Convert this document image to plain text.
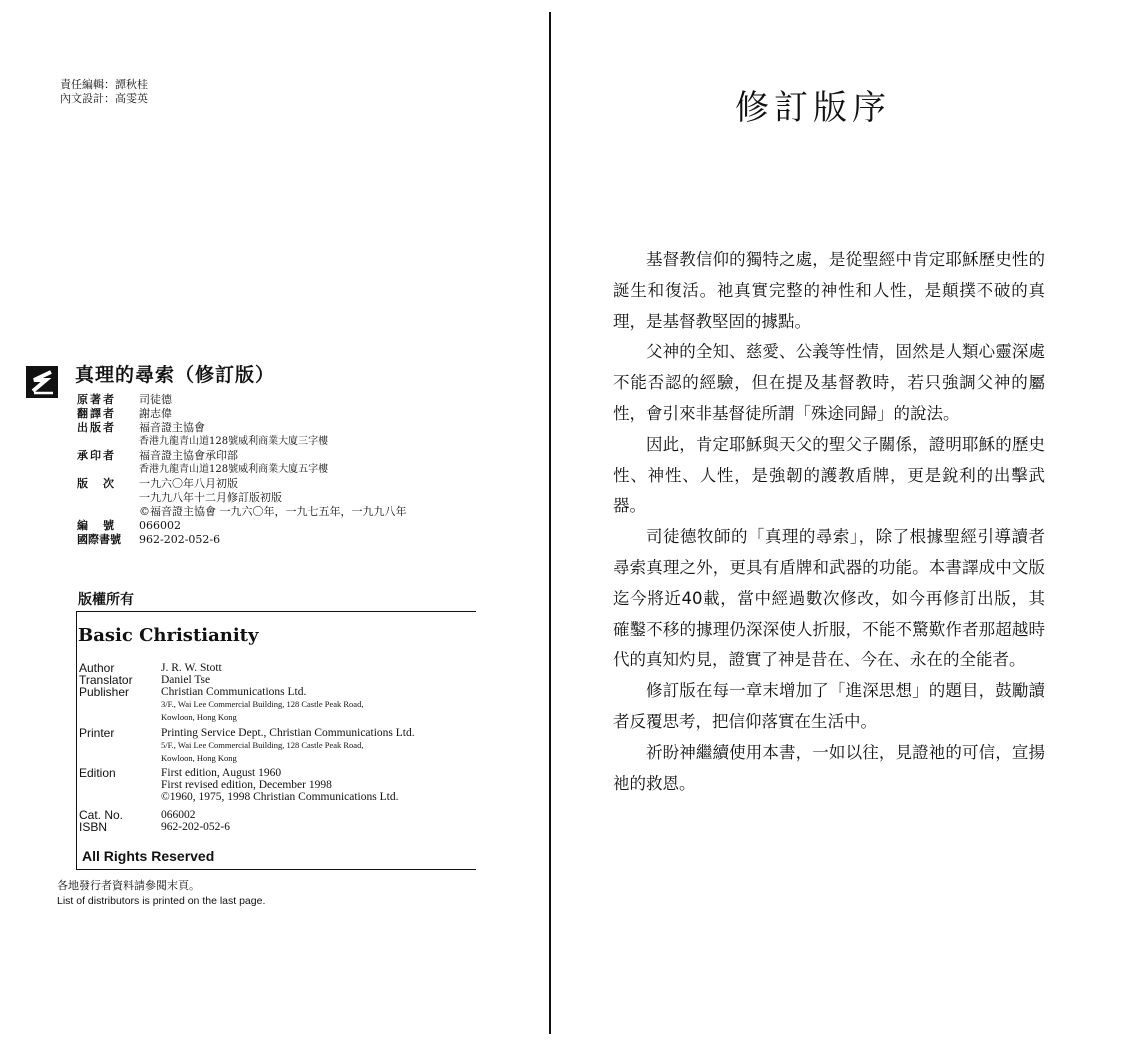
責任編輯：譚秋桂
內文設計：高雯英
真理的尋索（修訂版）
原著者	司徒德
翻譯者	謝志偉
出版者	福音證主協會
香港九龍青山道128號威利商業大廈三字樓
承印者	福音證主協會承印部
香港九龍青山道128號威利商業大廈五字樓
版　次	一九六〇年八月初版
一九九八年十二月修訂版初版
©福音證主協會 一九六〇年，一九七五年，一九九八年
編　號	066002
國際書號	962-202-052-6
版權所有
Basic Christianity
Author	J. R. W. Stott
Translator	Daniel Tse
Publisher	Christian Communications Ltd.
3/F., Wai Lee Commercial Building, 128 Castle Peak Road,
Kowloon, Hong Kong
Printer	Printing Service Dept., Christian Communications Ltd.
5/F., Wai Lee Commercial Building, 128 Castle Peak Road,
Kowloon, Hong Kong
Edition	First edition, August 1960
First revised edition, December 1998
©1960, 1975, 1998 Christian Communications Ltd.
Cat. No.	066002
ISBN	962-202-052-6
All Rights Reserved
各地發行者資料請參閱末頁。
List of distributors is printed on the last page.
修訂版序

基督教信仰的獨特之處，是從聖經中肯定耶穌歷史性的誕生和復活。祂真實完整的神性和人性，是顛撲不破的真理，是基督教堅固的據點。

父神的全知、慈愛、公義等性情，固然是人類心靈深處不能否認的經驗，但在提及基督教時，若只強調父神的屬性，會引來非基督徒所謂「殊途同歸」的說法。

因此，肯定耶穌與天父的聖父子關係，證明耶穌的歷史性、神性、人性，是強韌的護教盾牌，更是銳利的出擊武器。

司徒德牧師的「真理的尋索」，除了根據聖經引導讀者尋索真理之外，更具有盾牌和武器的功能。本書譯成中文版迄今將近40載，當中經過數次修改，如今再修訂出版，其確鑿不移的據理仍深深使人折服，不能不驚歎作者那超越時代的真知灼見，證實了神是昔在、今在、永在的全能者。

修訂版在每一章末增加了「進深思想」的題目，鼓勵讀者反覆思考，把信仰落實在生活中。

祈盼神繼續使用本書，一如以往，見證祂的可信，宣揚祂的救恩。
